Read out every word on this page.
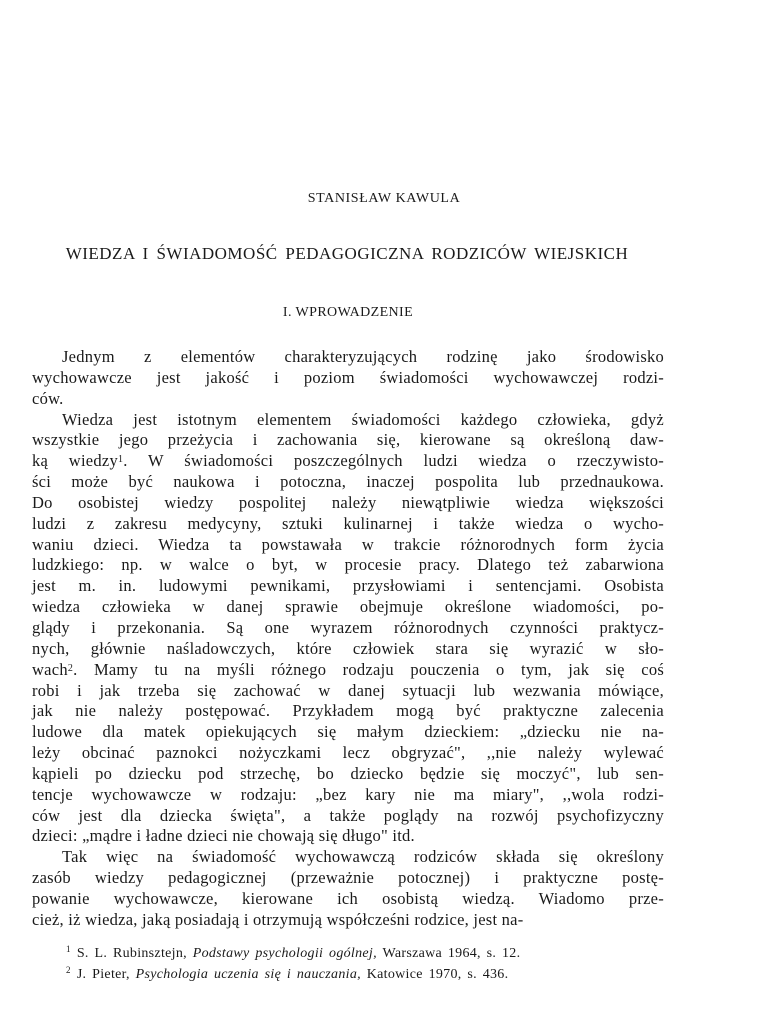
STANISŁAW KAWULA
WIEDZA I ŚWIADOMOŚĆ PEDAGOGICZNA RODZICÓW WIEJSKICH
I. WPROWADZENIE
Jednym z elementów charakteryzujących rodzinę jako środowisko
wychowawcze jest jakość i poziom świadomości wychowawczej rodzi-
ców.
Wiedza jest istotnym elementem świadomości każdego człowieka, gdyż
wszystkie jego przeżycia i zachowania się, kierowane są określoną daw-
ką wiedzy$^1$. W świadomości poszczególnych ludzi wiedza o rzeczywisto-
ści może być naukowa i potoczna, inaczej pospolita lub przednaukowa.
Do osobistej wiedzy pospolitej należy niewątpliwie wiedza większości
ludzi z zakresu medycyny, sztuki kulinarnej i także wiedza o wycho-
waniu dzieci. Wiedza ta powstawała w trakcie różnorodnych form życia
ludzkiego: np. w walce o byt, w procesie pracy. Dlatego też zabarwiona
jest m. in. ludowymi pewnikami, przysłowiami i sentencjami. Osobista
wiedza człowieka w danej sprawie obejmuje określone wiadomości, po-
glądy i przekonania. Są one wyrazem różnorodnych czynności praktycz-
nych, głównie naśladowczych, które człowiek stara się wyrazić w sło-
wach$^2$. Mamy tu na myśli różnego rodzaju pouczenia o tym, jak się coś
robi i jak trzeba się zachować w danej sytuacji lub wezwania mówiące,
jak nie należy postępować. Przykładem mogą być praktyczne zalecenia
ludowe dla matek opiekujących się małym dzieckiem: „dziecku nie na-
leży obcinać paznokci nożyczkami lecz obgryzać", ,,nie należy wylewać
kąpieli po dziecku pod strzechę, bo dziecko będzie się moczyć", lub sen-
tencje wychowawcze w rodzaju: „bez kary nie ma miary", ,,wola rodzi-
ców jest dla dziecka święta", a także poglądy na rozwój psychofizyczny
dzieci: „mądre i ładne dzieci nie chowają się długo" itd.
Tak więc na świadomość wychowawczą rodziców składa się określony
zasób wiedzy pedagogicznej (przeważnie potocznej) i praktyczne postę-
powanie wychowawcze, kierowane ich osobistą wiedzą. Wiadomo prze-
cież, iż wiedza, jaką posiadają i otrzymują współcześni rodzice, jest na-
$^1$ S. L. Rubinsztejn, Podstawy psychologii ogólnej, Warszawa 1964, s. 12.
$^2$ J. Pieter, Psychologia uczenia się i nauczania, Katowice 1970, s. 436.
